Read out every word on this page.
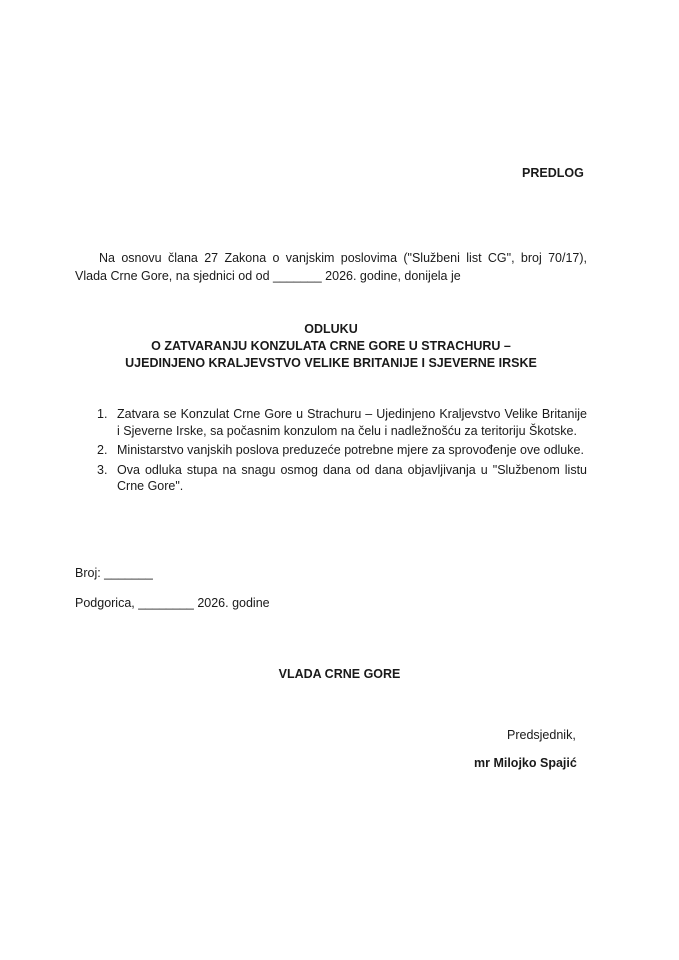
PREDLOG

Na osnovu člana 27 Zakona o vanjskim poslovima ("Službeni list CG", broj 70/17),

Vlada Crne Gore, na sjednici od od _______ 2026. godine, donijela je

ODLUKU
O ZATVARANJU KONZULATA CRNE GORE U STRACHURU –
UJEDINJENO KRALJEVSTVO VELIKE BRITANIJE I SJEVERNE IRSKE
1. Zatvara se Konzulat Crne Gore u Strachuru – Ujedinjeno Kraljevstvo Velike Britanije i Sjeverne Irske, sa počasnim konzulom na čelu i nadležnošću za teritoriju Škotske.
2. Ministarstvo vanjskih poslova preduzeće potrebne mjere za sprovođenje ove odluke.
3. Ova odluka stupa na snagu osmog dana od dana objavljivanja u "Službenom listu Crne Gore".
Broj: _______
Podgorica, ________ 2026. godine
VLADA CRNE GORE
Predsjednik,
mr Milojko Spajić
